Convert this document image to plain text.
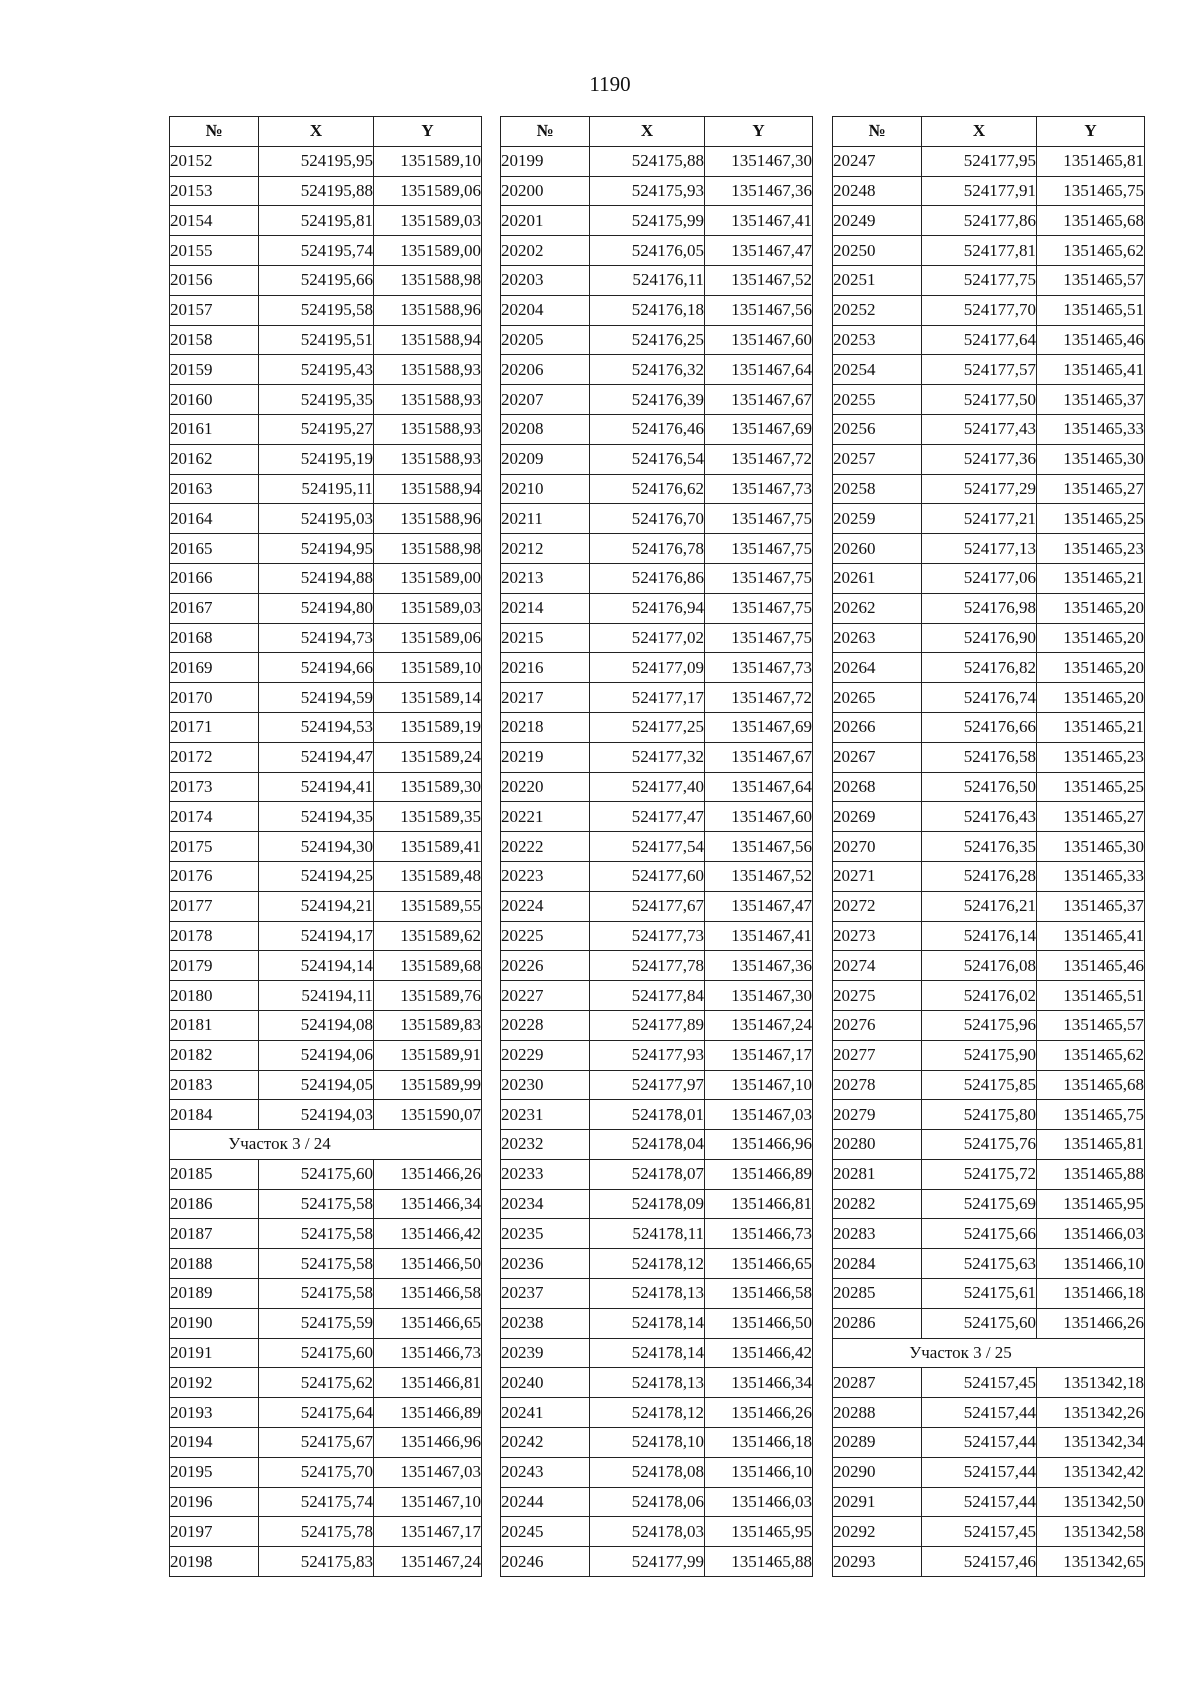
1190
№	X	Y
20152	524195,95	1351589,10
20153	524195,88	1351589,06
20154	524195,81	1351589,03
20155	524195,74	1351589,00
20156	524195,66	1351588,98
20157	524195,58	1351588,96
20158	524195,51	1351588,94
20159	524195,43	1351588,93
20160	524195,35	1351588,93
20161	524195,27	1351588,93
20162	524195,19	1351588,93
20163	524195,11	1351588,94
20164	524195,03	1351588,96
20165	524194,95	1351588,98
20166	524194,88	1351589,00
20167	524194,80	1351589,03
20168	524194,73	1351589,06
20169	524194,66	1351589,10
20170	524194,59	1351589,14
20171	524194,53	1351589,19
20172	524194,47	1351589,24
20173	524194,41	1351589,30
20174	524194,35	1351589,35
20175	524194,30	1351589,41
20176	524194,25	1351589,48
20177	524194,21	1351589,55
20178	524194,17	1351589,62
20179	524194,14	1351589,68
20180	524194,11	1351589,76
20181	524194,08	1351589,83
20182	524194,06	1351589,91
20183	524194,05	1351589,99
20184	524194,03	1351590,07
Участок 3 / 24		
20185	524175,60	1351466,26
20186	524175,58	1351466,34
20187	524175,58	1351466,42
20188	524175,58	1351466,50
20189	524175,58	1351466,58
20190	524175,59	1351466,65
20191	524175,60	1351466,73
20192	524175,62	1351466,81
20193	524175,64	1351466,89
20194	524175,67	1351466,96
20195	524175,70	1351467,03
20196	524175,74	1351467,10
20197	524175,78	1351467,17
20198	524175,83	1351467,24
№	X	Y
20199	524175,88	1351467,30
20200	524175,93	1351467,36
20201	524175,99	1351467,41
20202	524176,05	1351467,47
20203	524176,11	1351467,52
20204	524176,18	1351467,56
20205	524176,25	1351467,60
20206	524176,32	1351467,64
20207	524176,39	1351467,67
20208	524176,46	1351467,69
20209	524176,54	1351467,72
20210	524176,62	1351467,73
20211	524176,70	1351467,75
20212	524176,78	1351467,75
20213	524176,86	1351467,75
20214	524176,94	1351467,75
20215	524177,02	1351467,75
20216	524177,09	1351467,73
20217	524177,17	1351467,72
20218	524177,25	1351467,69
20219	524177,32	1351467,67
20220	524177,40	1351467,64
20221	524177,47	1351467,60
20222	524177,54	1351467,56
20223	524177,60	1351467,52
20224	524177,67	1351467,47
20225	524177,73	1351467,41
20226	524177,78	1351467,36
20227	524177,84	1351467,30
20228	524177,89	1351467,24
20229	524177,93	1351467,17
20230	524177,97	1351467,10
20231	524178,01	1351467,03
20232	524178,04	1351466,96
20233	524178,07	1351466,89
20234	524178,09	1351466,81
20235	524178,11	1351466,73
20236	524178,12	1351466,65
20237	524178,13	1351466,58
20238	524178,14	1351466,50
20239	524178,14	1351466,42
20240	524178,13	1351466,34
20241	524178,12	1351466,26
20242	524178,10	1351466,18
20243	524178,08	1351466,10
20244	524178,06	1351466,03
20245	524178,03	1351465,95
20246	524177,99	1351465,88
№	X	Y
20247	524177,95	1351465,81
20248	524177,91	1351465,75
20249	524177,86	1351465,68
20250	524177,81	1351465,62
20251	524177,75	1351465,57
20252	524177,70	1351465,51
20253	524177,64	1351465,46
20254	524177,57	1351465,41
20255	524177,50	1351465,37
20256	524177,43	1351465,33
20257	524177,36	1351465,30
20258	524177,29	1351465,27
20259	524177,21	1351465,25
20260	524177,13	1351465,23
20261	524177,06	1351465,21
20262	524176,98	1351465,20
20263	524176,90	1351465,20
20264	524176,82	1351465,20
20265	524176,74	1351465,20
20266	524176,66	1351465,21
20267	524176,58	1351465,23
20268	524176,50	1351465,25
20269	524176,43	1351465,27
20270	524176,35	1351465,30
20271	524176,28	1351465,33
20272	524176,21	1351465,37
20273	524176,14	1351465,41
20274	524176,08	1351465,46
20275	524176,02	1351465,51
20276	524175,96	1351465,57
20277	524175,90	1351465,62
20278	524175,85	1351465,68
20279	524175,80	1351465,75
20280	524175,76	1351465,81
20281	524175,72	1351465,88
20282	524175,69	1351465,95
20283	524175,66	1351466,03
20284	524175,63	1351466,10
20285	524175,61	1351466,18
20286	524175,60	1351466,26
Участок 3 / 25		
20287	524157,45	1351342,18
20288	524157,44	1351342,26
20289	524157,44	1351342,34
20290	524157,44	1351342,42
20291	524157,44	1351342,50
20292	524157,45	1351342,58
20293	524157,46	1351342,65
